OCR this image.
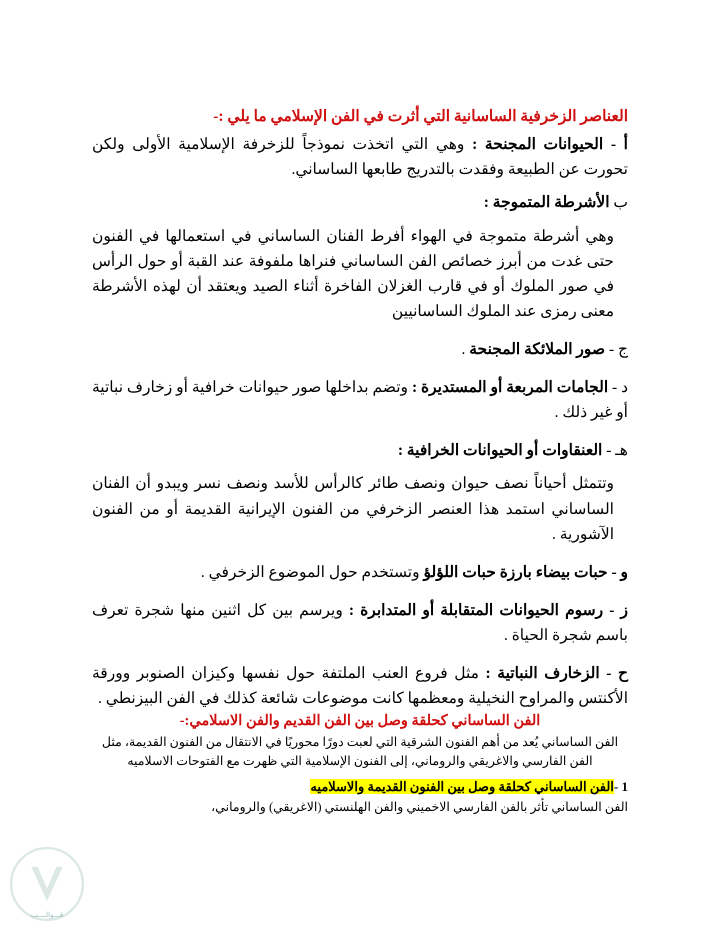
العناصر الزخرفية الساسانية التي أثرت في الفن الإسلامي ما يلي :-

أ - الحيوانات المجنحة : وهي التي اتخذت نموذجاً للزخرفة الإسلامية الأولى ولكن تحورت عن الطبيعة وفقدت بالتدريج طابعها الساساني.

ب الأشرطة المتموجة :

وهي أشرطة متموجة في الهواء أفرط الفنان الساساني في استعمالها في الفنون حتى غدت من أبرز خصائص الفن الساساني فنراها ملفوفة عند القبة أو حول الرأس في صور الملوك أو في قارب الغزلان الفاخرة أثناء الصيد ويعتقد أن لهذه الأشرطة معنى رمزى عند الملوك الساسانيين

ج - صور الملائكة المجنحة .

د - الجامات المربعة أو المستديرة : وتضم بداخلها صور حيوانات خرافية أو زخارف نباتية أو غير ذلك .

هـ - العنقاوات أو الحيوانات الخرافية :

وتتمثل أحياناً نصف حيوان ونصف طائر كالرأس للأسد ونصف نسر ويبدو أن الفنان الساساني استمد هذا العنصر الزخرفي من الفنون الإيرانية القديمة أو من الفنون الآشورية .

و - حبات بيضاء بارزة حبات اللؤلؤ وتستخدم حول الموضوع الزخرفي .

ز - رسوم الحيوانات المتقابلة أو المتدابرة : ويرسم بين كل اثنين منها شجرة تعرف باسم شجرة الحياة .

ح - الزخارف النباتية : مثل فروع العنب الملتفة حول نفسها وكيزان الصنوبر وورقة الأكنتس والمراوح النخيلية ومعظمها كانت موضوعات شائعة كذلك في الفن البيزنطي .

الفن الساساني كحلقة وصل بين الفن القديم والفن الاسلامي:-

الفن الساساني يُعد من أهم الفنون الشرقية التي لعبت دورًا محوريًا في الانتقال من الفنون القديمة، مثل الفن الفارسي والاغريقي والروماني، إلى الفنون الإسلامية التي ظهرت مع الفتوحات الاسلاميه

1 -الفن الساساني كحلقة وصل بين الفنون القديمة والاسلاميه

الفن الساساني تأثر بالفن الفارسي الاخميني والفن الهلنستي (الاغريقي) والروماني،

قـــوالــــب
